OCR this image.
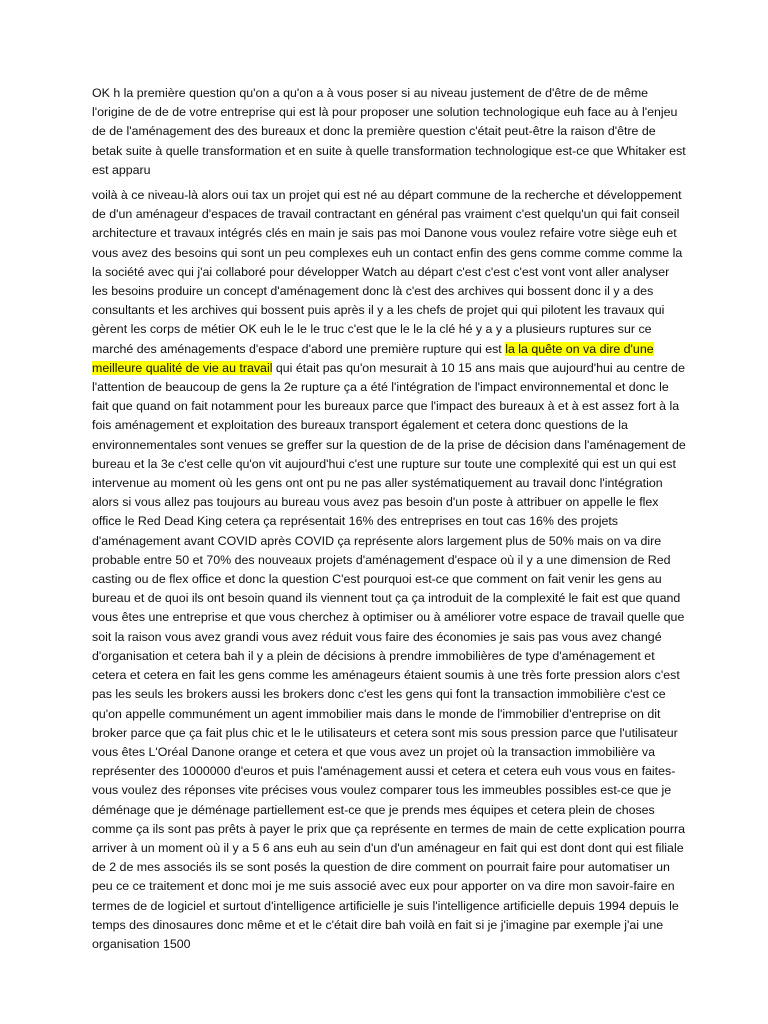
OK h la première question qu'on a qu'on a à vous poser si au niveau justement de d'être de de même l'origine de de de votre entreprise qui est là pour proposer une solution technologique euh face au à l'enjeu de de l'aménagement des des bureaux et donc la première question c'était peut-être la raison d'être de betak suite à quelle transformation et en suite à quelle transformation technologique est-ce que Whitaker est est apparu

voilà à ce niveau-là alors oui tax un projet qui est né au départ commune de la recherche et développement de d'un aménageur d'espaces de travail contractant en général pas vraiment c'est quelqu'un qui fait conseil architecture et travaux intégrés clés en main je sais pas moi Danone vous voulez refaire votre siège euh et vous avez des besoins qui sont un peu complexes euh un contact enfin des gens comme comme comme la la société avec qui j'ai collaboré pour développer Watch au départ c'est c'est c'est vont vont aller analyser les besoins produire un concept d'aménagement donc là c'est des archives qui bossent donc il y a des consultants et les archives qui bossent puis après il y a les chefs de projet qui qui pilotent les travaux qui gèrent les corps de métier OK euh le le le truc c'est que le le la clé hé y a y a plusieurs ruptures sur ce marché des aménagements d'espace d'abord une première rupture qui est la la quête on va dire d'une meilleure qualité de vie au travail qui était pas qu'on mesurait à 10 15 ans mais que aujourd'hui au centre de l'attention de beaucoup de gens la 2e rupture ça a été l'intégration de l'impact environnemental et donc le fait que quand on fait notamment pour les bureaux parce que l'impact des bureaux à et à est assez fort à la fois aménagement et exploitation des bureaux transport également et cetera donc questions de la environnementales sont venues se greffer sur la question de de la prise de décision dans l'aménagement de bureau et la 3e c'est celle qu'on vit aujourd'hui c'est une rupture sur toute une complexité qui est un qui est intervenue au moment où les gens ont ont pu ne pas aller systématiquement au travail donc l'intégration alors si vous allez pas toujours au bureau vous avez pas besoin d'un poste à attribuer on appelle le flex office le Red Dead King cetera ça représentait 16% des entreprises en tout cas 16% des projets d'aménagement avant COVID après COVID ça représente alors largement plus de 50% mais on va dire probable entre 50 et 70% des nouveaux projets d'aménagement d'espace où il y a une dimension de Red casting ou de flex office et donc la question C'est pourquoi est-ce que comment on fait venir les gens au bureau et de quoi ils ont besoin quand ils viennent tout ça ça introduit de la complexité le fait est que quand vous êtes une entreprise et que vous cherchez à optimiser ou à améliorer votre espace de travail quelle que soit la raison vous avez grandi vous avez réduit vous faire des économies je sais pas vous avez changé d'organisation et cetera bah il y a plein de décisions à prendre immobilières de type d'aménagement et cetera et cetera en fait les gens comme les aménageurs étaient soumis à une très forte pression alors c'est pas les seuls les brokers aussi les brokers donc c'est les gens qui font la transaction immobilière c'est ce qu'on appelle communément un agent immobilier mais dans le monde de l'immobilier d'entreprise on dit broker parce que ça fait plus chic et le le utilisateurs et cetera sont mis sous pression parce que l'utilisateur vous êtes L'Oréal Danone orange et cetera et que vous avez un projet où la transaction immobilière va représenter des 1000000 d'euros et puis l'aménagement aussi et cetera et cetera euh vous vous en faites-vous voulez des réponses vite précises vous voulez comparer tous les immeubles possibles est-ce que je déménage que je déménage partiellement est-ce que je prends mes équipes et cetera plein de choses comme ça ils sont pas prêts à payer le prix que ça représente en termes de main de cette explication pourra arriver à un moment où il y a 5 6 ans euh au sein d'un d'un aménageur en fait qui est dont dont qui est filiale de 2 de mes associés ils se sont posés la question de dire comment on pourrait faire pour automatiser un peu ce ce traitement et donc moi je me suis associé avec eux pour apporter on va dire mon savoir-faire en termes de de logiciel et surtout d'intelligence artificielle je suis l'intelligence artificielle depuis 1994 depuis le temps des dinosaures donc même et et le c'était dire bah voilà en fait si je j'imagine par exemple j'ai une organisation 1500
